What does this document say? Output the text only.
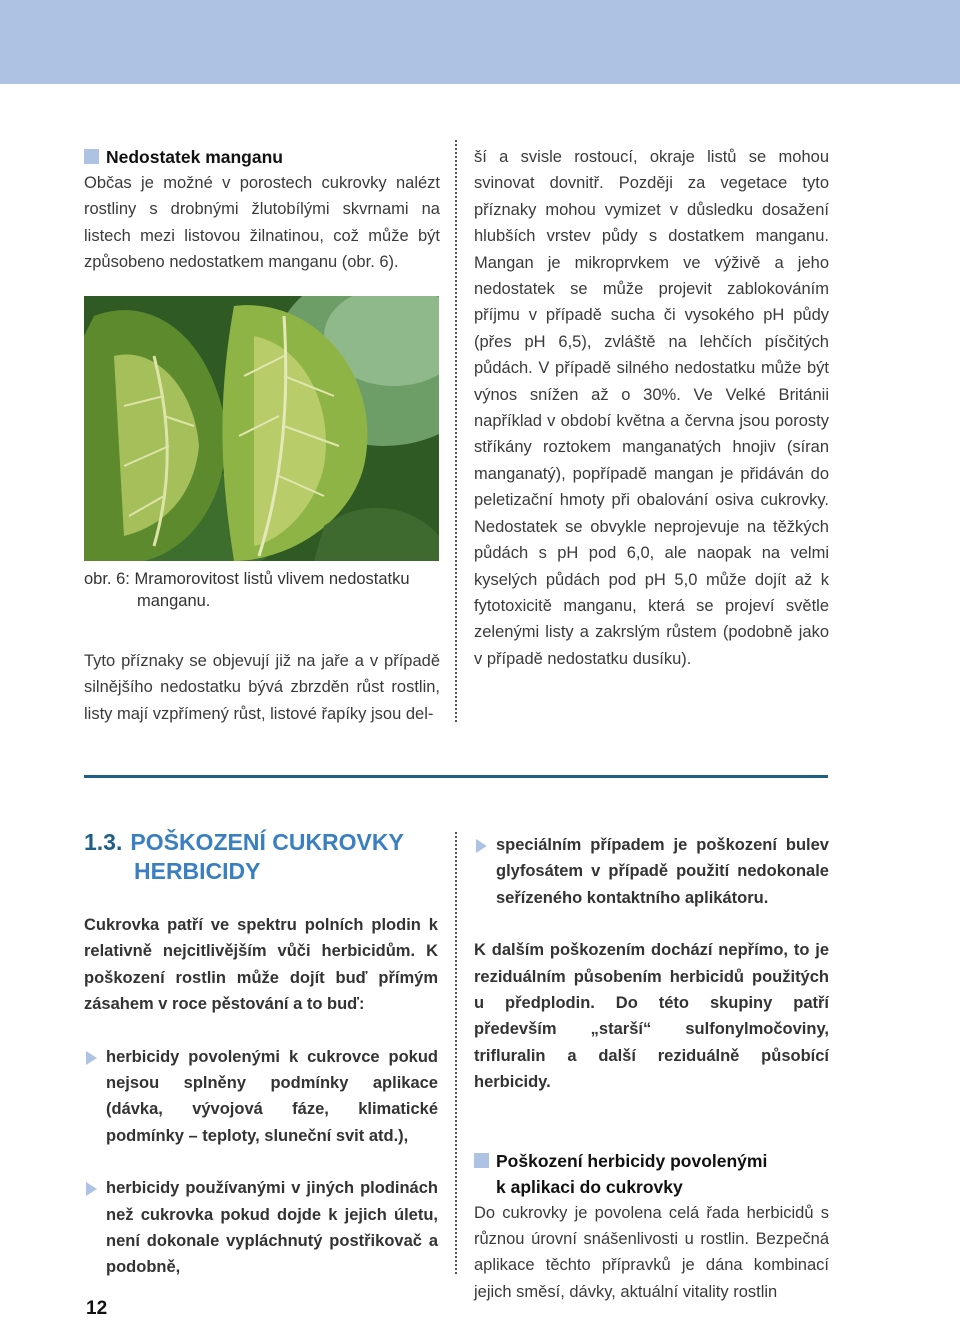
Nedostatek manganu

Občas je možné v porostech cukrovky nalézt rostliny s drobnými žlutobílými skvrnami na listech mezi listovou žilnatinou, což může být způsobeno nedostatkem manganu (obr. 6).

obr. 6: Mramorovitost listů vlivem nedostatku
manganu.

Tyto příznaky se objevují již na jaře a v případě silnějšího nedostatku bývá zbrzděn růst rostlin, listy mají vzpřímený růst, listové řapíky jsou del-

ší a svisle rostoucí, okraje listů se mohou svinovat dovnitř. Později za vegetace tyto příznaky mohou vymizet v důsledku dosažení hlubších vrstev půdy s dostatkem manganu. Mangan je mikroprvkem ve výživě a jeho nedostatek se může projevit zablokováním příjmu v případě sucha či vysokého pH půdy (přes pH 6,5), zvláště na lehčích písčitých půdách. V případě silného nedostatku může být výnos snížen až o 30%. Ve Velké Británii například v období května a června jsou porosty stříkány roztokem manganatých hnojiv (síran manganatý), popřípadě mangan je přidáván do peletizační hmoty při obalování osiva cukrovky. Nedostatek se obvykle neprojevuje na těžkých půdách s pH pod 6,0, ale naopak na velmi kyselých půdách pod pH 5,0 může dojít až k fytotoxicitě manganu, která se projeví světle zelenými listy a zakrslým růstem (podobně jako v případě nedostatku dusíku).

1.3. POŠKOZENÍ CUKROVKY
HERBICIDY

Cukrovka patří ve spektru polních plodin k relativně nejcitlivějším vůči herbicidům. K poškození rostlin může dojít buď přímým zásahem v roce pěstování a to buď:

herbicidy povolenými k cukrovce pokud nejsou splněny podmínky aplikace (dávka, vývojová fáze, klimatické podmínky – teploty, sluneční svit atd.),
herbicidy používanými v jiných plodinách než cukrovka pokud dojde k jejich úletu, není dokonale vypláchnutý postřikovač a podobně,
speciálním případem je poškození bulev glyfosátem v případě použití nedokonale seřízeného kontaktního aplikátoru.

K dalším poškozením dochází nepřímo, to je reziduálním působením herbicidů použitých u předplodin. Do této skupiny patří především „starší“ sulfonylmočoviny, trifluralin a další reziduálně působící herbicidy.

Poškození herbicidy povolenými
k aplikaci do cukrovky

Do cukrovky je povolena celá řada herbicidů s různou úrovní snášenlivosti u rostlin. Bezpečná aplikace těchto přípravků je dána kombinací jejich směsí, dávky, aktuální vitality rostlin

12
